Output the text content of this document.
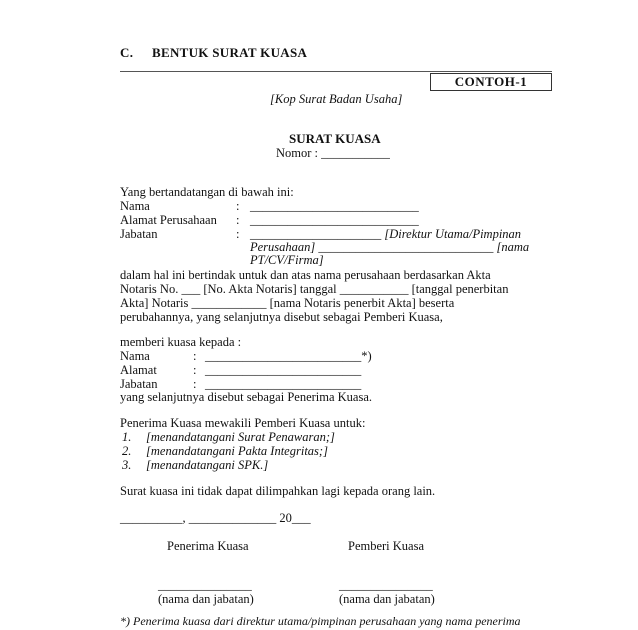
C. BENTUK SURAT KUASA
CONTOH-1
[Kop Surat Badan Usaha]
SURAT KUASA
Nomor : ___________
Yang bertandatangan di bawah ini:
Nama	: ___________________________
Alamat Perusahaan : ___________________________
Jabatan	: _____________________ [Direktur Utama/Pimpinan
Perusahaan] ____________________________ [nama
PT/CV/Firma]
dalam hal ini bertindak untuk dan atas nama perusahaan berdasarkan Akta
Notaris No. ___ [No. Akta Notaris] tanggal ___________ [tanggal penerbitan
Akta] Notaris ____________ [nama Notaris penerbit Akta] beserta
perubahannya, yang selanjutnya disebut sebagai Pemberi Kuasa,
memberi kuasa kepada :
Nama	: _________________________*)
Alamat	: _________________________
Jabatan	: _________________________
yang selanjutnya disebut sebagai Penerima Kuasa.
Penerima Kuasa mewakili Pemberi Kuasa untuk:
1. [menandatangani Surat Penawaran;]
2. [menandatangani Pakta Integritas;]
3. [menandatangani SPK.]
Surat kuasa ini tidak dapat dilimpahkan lagi kepada orang lain.
__________, ______________ 20___
Penerima Kuasa	Pemberi Kuasa
_______________	_______________
(nama dan jabatan)	(nama dan jabatan)
*) Penerima kuasa dari direktur utama/pimpinan perusahaan yang nama penerima
